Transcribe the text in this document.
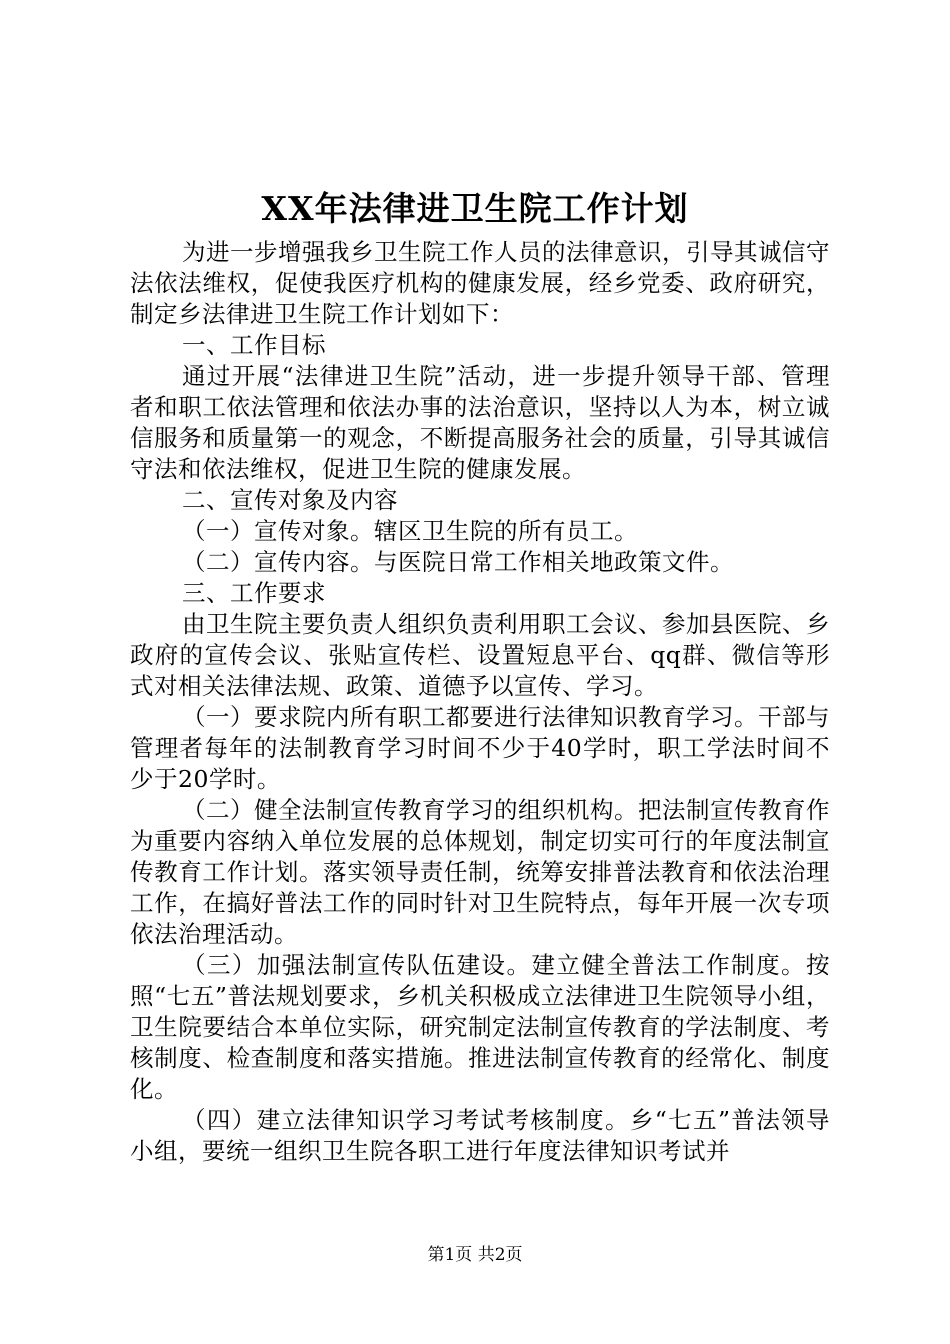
XX年法律进卫生院工作计划

为进一步增强我乡卫生院工作人员的法律意识，引导其诚信守法依法维权，促使我医疗机构的健康发展，经乡党委、政府研究，制定乡法律进卫生院工作计划如下：

一、工作目标

通过开展“法律进卫生院”活动，进一步提升领导干部、管理者和职工依法管理和依法办事的法治意识，坚持以人为本，树立诚信服务和质量第一的观念，不断提高服务社会的质量，引导其诚信守法和依法维权，促进卫生院的健康发展。

二、宣传对象及内容

（一）宣传对象。辖区卫生院的所有员工。

（二）宣传内容。与医院日常工作相关地政策文件。

三、工作要求

由卫生院主要负责人组织负责利用职工会议、参加县医院、乡政府的宣传会议、张贴宣传栏、设置短息平台、qq群、微信等形式对相关法律法规、政策、道德予以宣传、学习。

（一）要求院内所有职工都要进行法律知识教育学习。干部与管理者每年的法制教育学习时间不少于40学时，职工学法时间不少于20学时。

（二）健全法制宣传教育学习的组织机构。把法制宣传教育作为重要内容纳入单位发展的总体规划，制定切实可行的年度法制宣传教育工作计划。落实领导责任制，统筹安排普法教育和依法治理工作，在搞好普法工作的同时针对卫生院特点，每年开展一次专项依法治理活动。

（三）加强法制宣传队伍建设。建立健全普法工作制度。按照“七五”普法规划要求，乡机关积极成立法律进卫生院领导小组，卫生院要结合本单位实际，研究制定法制宣传教育的学法制度、考核制度、检查制度和落实措施。推进法制宣传教育的经常化、制度化。

（四）建立法律知识学习考试考核制度。乡“七五”普法领导小组，要统一组织卫生院各职工进行年度法律知识考试并

第1页 共2页
